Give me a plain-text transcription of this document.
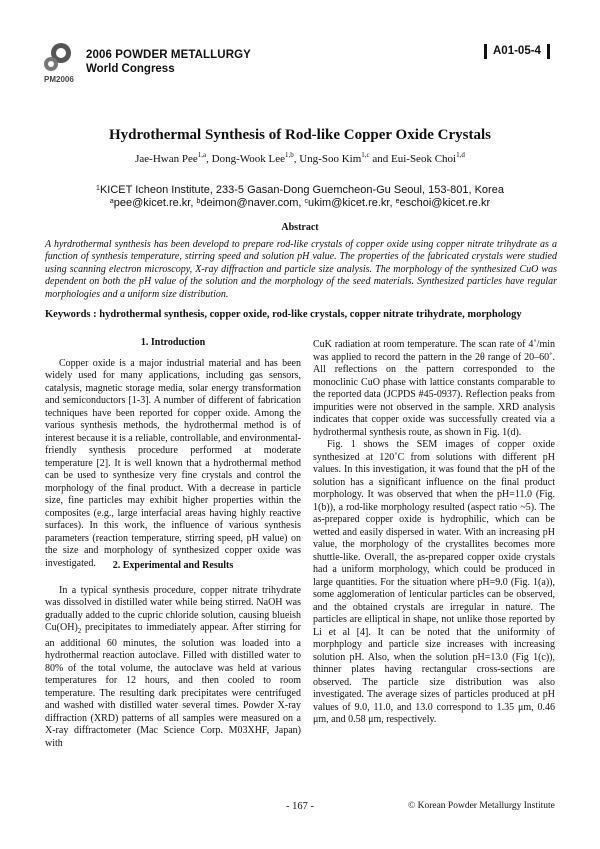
2006 POWDER METALLURGY
World Congress
PM2006
A01-05-4
Hydrothermal Synthesis of Rod-like Copper Oxide Crystals
Jae-Hwan Pee$^{1,a}$, Dong-Wook Lee$^{1,b}$, Ung-Soo Kim$^{1,c}$ and Eui-Seok Choi$^{1,d}$
$^1$KICET Icheon Institute, 233-5 Gasan-Dong Guemcheon-Gu Seoul, 153-801, Korea
$^a$pee@kicet.re.kr, $^b$deimon@naver.com, $^c$ukim@kicet.re.kr, $^e$eschoi@kicet.re.kr
Abstract
A hyrdrothermal synthesis has been developd to prepare rod-like crystals of copper oxide using copper nitrate trihydrate as a function of synthesis temperature, stirring speed and solution pH value. The properties of the fabricated crystals were studied using scanning electron microscopy, X-ray diffraction and particle size analysis. The morphology of the synthesized CuO was dependent on both the pH value of the solution and the morphology of the seed materials. Synthesized particles have regular morphologies and a uniform size distribution.
Keywords : hydrothermal synthesis, copper oxide, rod-like crystals, copper nitrate trihydrate, morphology
1. Introduction

Copper oxide is a major industrial material and has been widely used for many applications, including gas sensors, catalysis, magnetic storage media, solar energy transformation and semiconductors [1-3]. A number of different of fabrication techniques have been reported for copper oxide. Among the various synthesis methods, the hydrothermal method is of interest because it is a reliable, controllable, and environmental-friendly synthesis procedure performed at moderate temperature [2]. It is well known that a hydrothermal method can be used to synthesize very fine crystals and control the morphology of the final product. With a decrease in particle size, fine particles may exhibit higher properties within the composites (e.g., large interfacial areas having highly reactive surfaces). In this work, the influence of various synthesis parameters (reaction temperature, stirring speed, pH value) on the size and morphology of synthesized copper oxide was investigated.	2. Experimental and Results

In a typical synthesis procedure, copper nitrate trihydrate was dissolved in distilled water while being stirred. NaOH was gradually added to the cupric chloride solution, causing blueish $Cu(OH)_2$ precipitates to immediately appear. After stirring for an additional 60 minutes, the solution was loaded into a hydrothermal reaction autoclave. Filled with distilled water to 80% of the total volume, the autoclave was held at various temperatures for 12 hours, and then cooled to room temperature. The resulting dark precipitates were centrifuged and washed with distilled water several times. Powder X-ray diffraction (XRD) patterns of all samples were measured on a X-ray diffractometer (Mac Science Corp. M03XHF, Japan) with

CuK radiation at room temperature. The scan rate of 4˚/min was applied to record the pattern in the 2θ range of 20–60˚. All reflections on the pattern corresponded to the monoclinic CuO phase with lattice constants comparable to the reported data (JCPDS #45-0937). Reflection peaks from impurities were not observed in the sample. XRD analysis indicates that copper oxide was successfully created via a hydrothermal synthesis route, as shown in Fig. 1(d).

Fig. 1 shows the SEM images of copper oxide synthesized at 120˚C from solutions with different pH values. In this investigation, it was found that the pH of the solution has a significant influence on the final product morphology. It was observed that when the pH=11.0 (Fig. 1(b)), a rod-like morphology resulted (aspect ratio ~5). The as-prepared copper oxide is hydrophilic, which can be wetted and easily dispersed in water. With an increasing pH value, the morphology of the crystallites becomes more shuttle-like. Overall, the as-prepared copper oxide crystals had a uniform morphology, which could be produced in large quantities. For the situation where pH=9.0 (Fig. 1(a)), some agglomeration of lenticular particles can be observed, and the obtained crystals are irregular in nature. The particles are elliptical in shape, not unlike those reported by Li et al [4]. It can be noted that the uniformity of morphplogy and particle size increases with increasing solution pH. Also, when the solution pH=13.0 (Fig 1(c)), thinner plates having rectangular cross-sections are observed. The particle size distribution was also investigated. The average sizes of particles produced at pH values of 9.0, 11.0, and 13.0 correspond to 1.35 μm, 0.46 μm, and 0.58 μm, respectively.

- 167 -	© Korean Powder Metallurgy Institute
